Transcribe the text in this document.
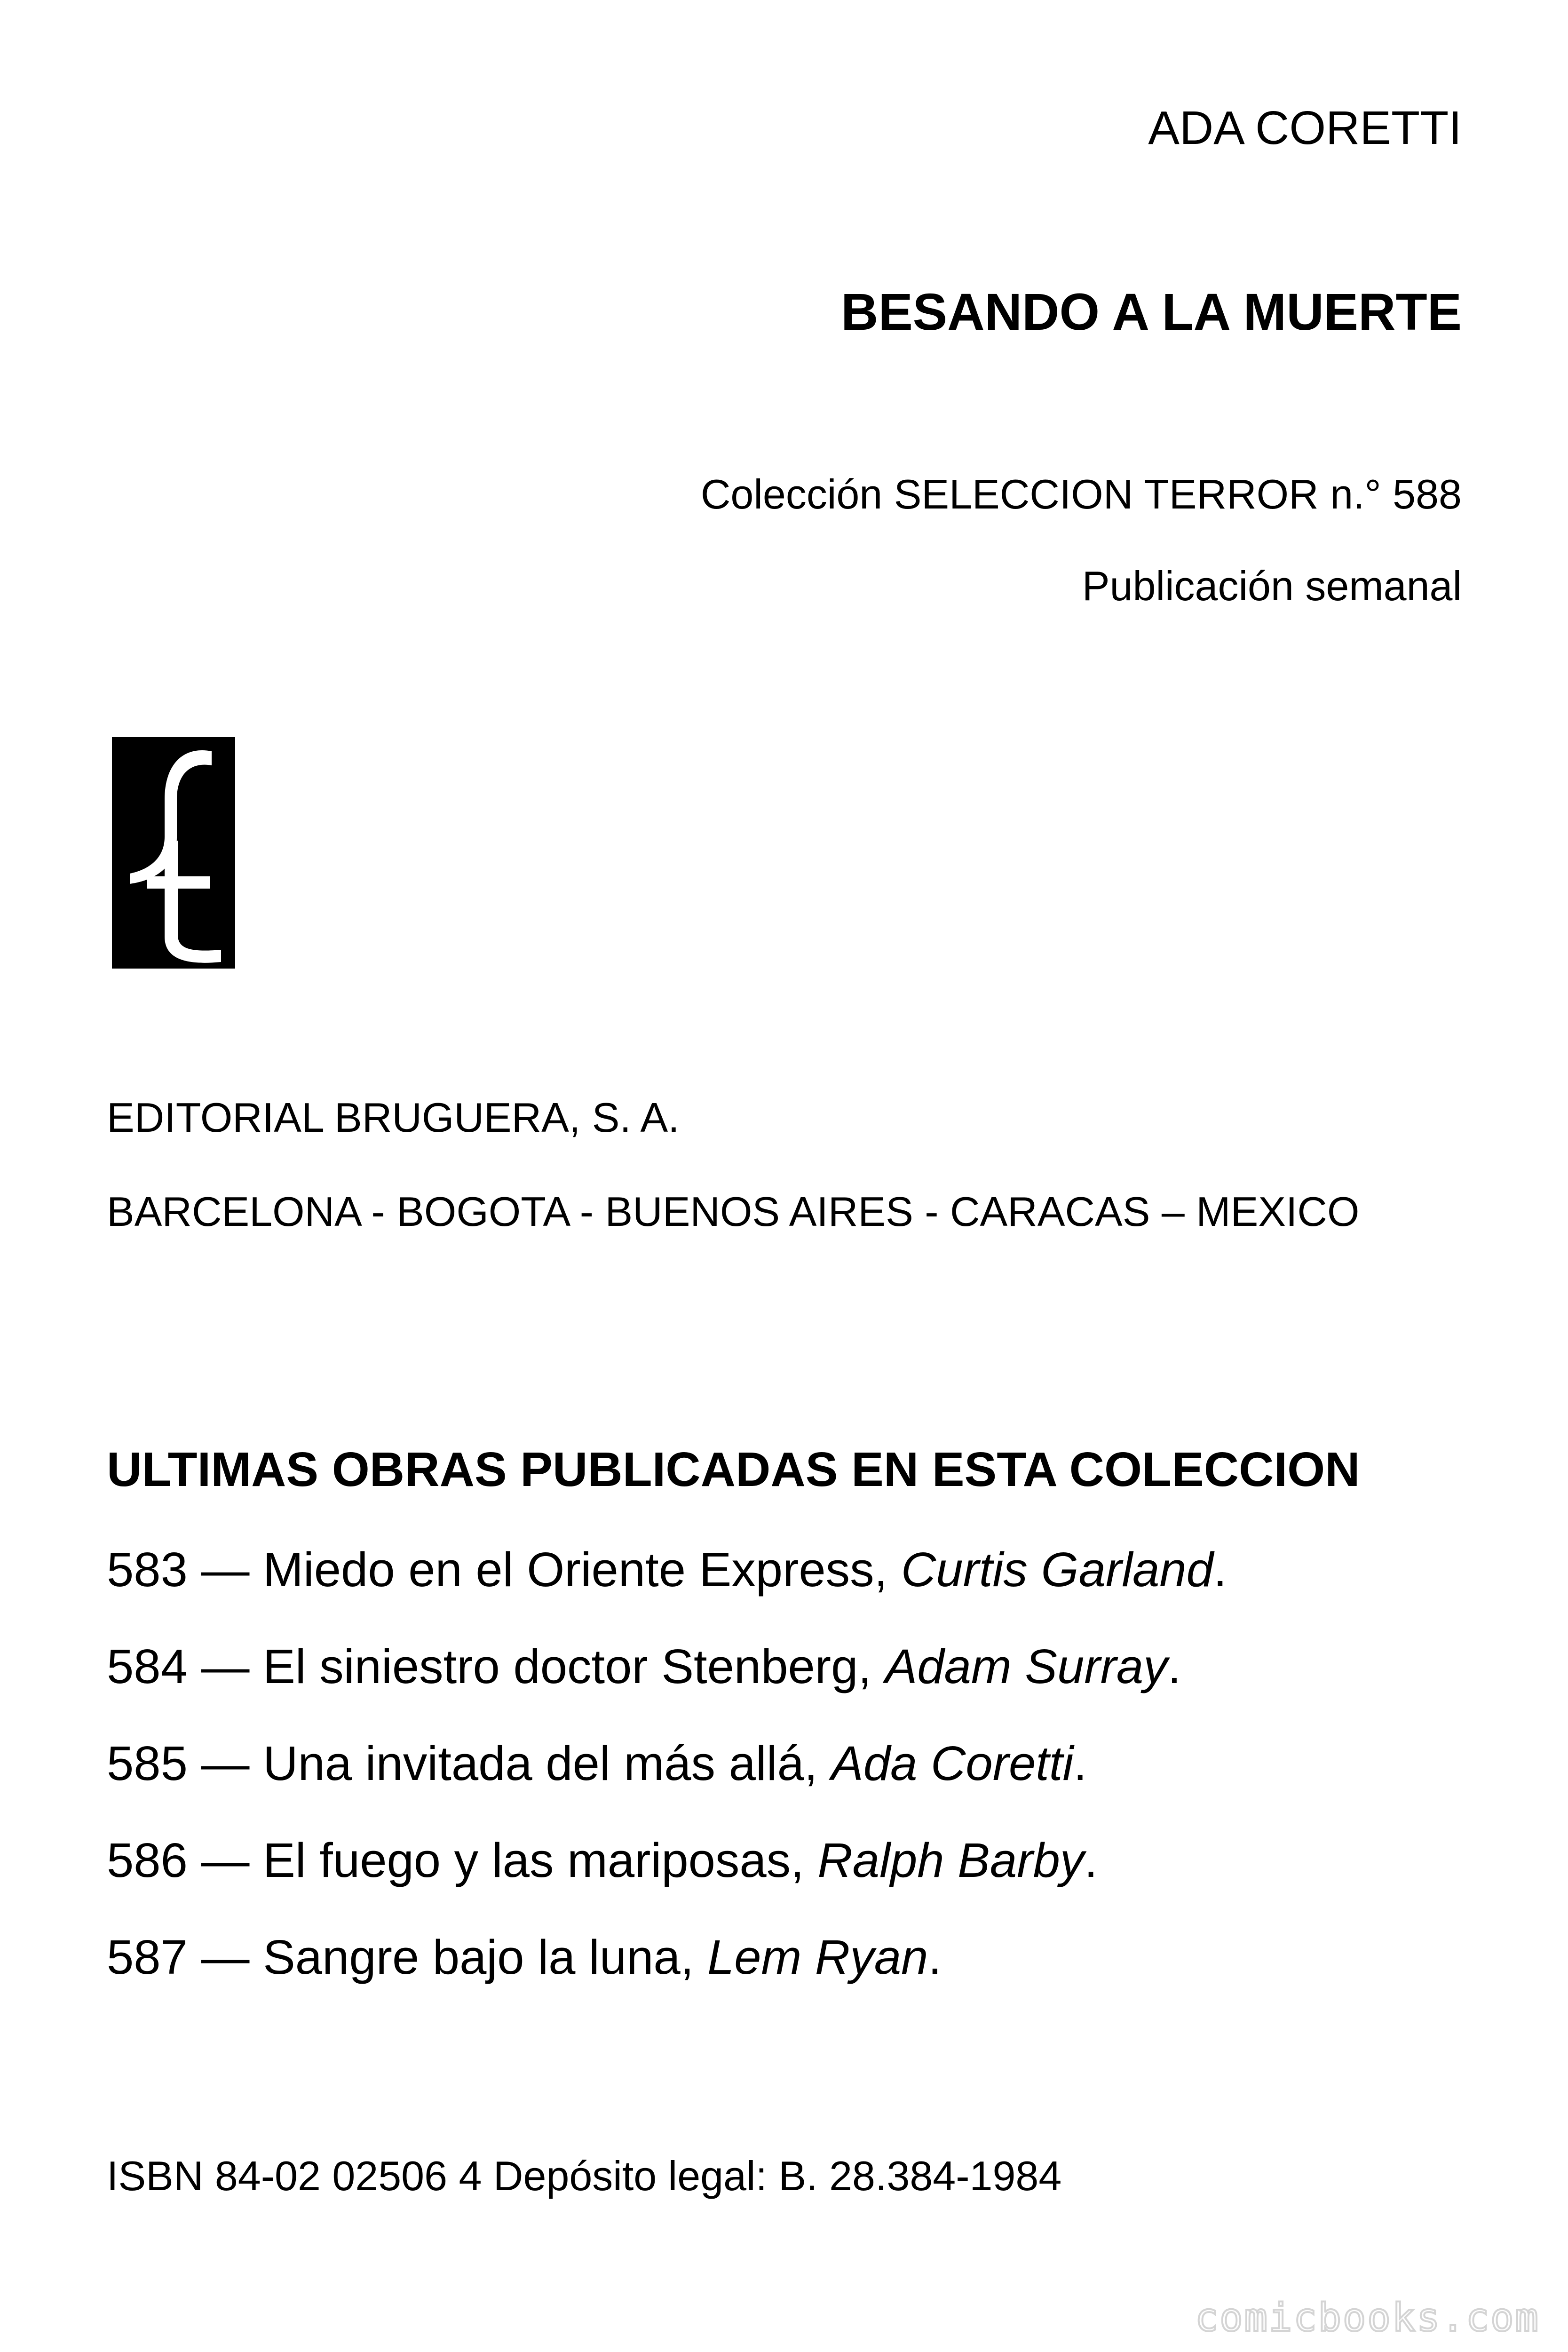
ADA CORETTI
BESANDO A LA MUERTE
Colección SELECCION TERROR n.° 588
Publicación semanal
EDITORIAL BRUGUERA, S. A.
BARCELONA - BOGOTA - BUENOS AIRES - CARACAS – MEXICO
ULTIMAS OBRAS PUBLICADAS EN ESTA COLECCION
583 — Miedo en el Oriente Express, Curtis Garland.
584 — El siniestro doctor Stenberg, Adam Surray.
585 — Una invitada del más allá, Ada Coretti.
586 — El fuego y las mariposas, Ralph Barby.
587 — Sangre bajo la luna, Lem Ryan.
ISBN 84-02 02506 4 Depósito legal: B. 28.384-1984
comicbooks.com
